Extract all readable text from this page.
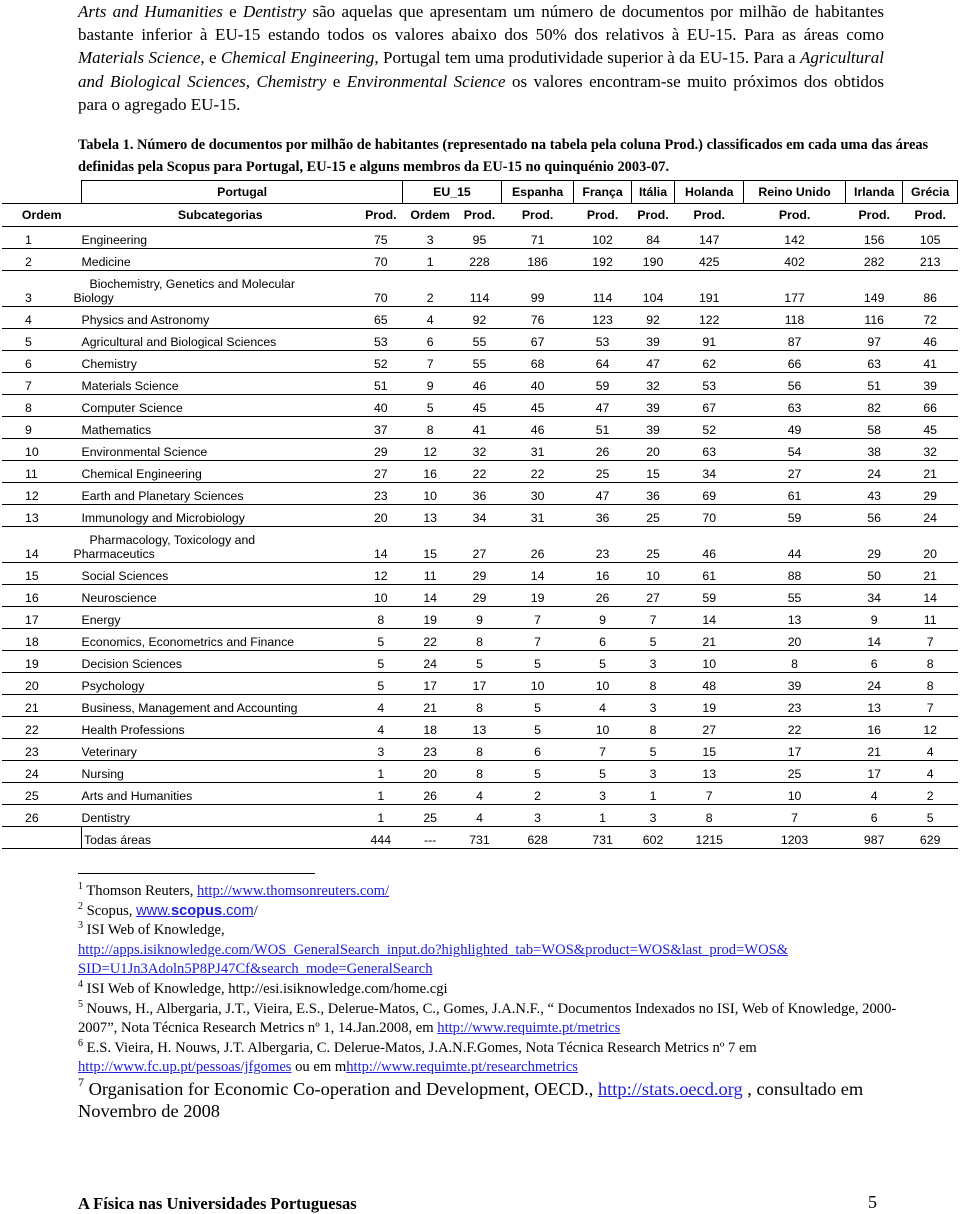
Arts and Humanities e Dentistry são aquelas que apresentam um número de documentos por milhão de habitantes bastante inferior à EU-15 estando todos os valores abaixo dos 50% dos relativos à EU-15. Para as áreas como Materials Science, e Chemical Engineering, Portugal tem uma produtividade superior à da EU-15. Para a Agricultural and Biological Sciences, Chemistry e Environmental Science os valores encontram-se muito próximos dos obtidos para o agregado EU-15.
Tabela 1. Número de documentos por milhão de habitantes (representado na tabela pela coluna Prod.) classificados em cada uma das áreas definidas pela Scopus para Portugal, EU-15 e alguns membros da EU-15 no quinquénio 2003-07.
	Portugal		EU_15		Espanha	França	Itália	Holanda	Reino Unido	Irlanda	Grécia
Ordem	Subcategorias	Prod.	Ordem	Prod.	Prod.	Prod.	Prod.	Prod.	Prod.	Prod.	Prod.
1	Engineering	75	3	95	71	102	84	147	142	156	105
2	Medicine	70	1	228	186	192	190	425	402	282	213
3	Biochemistry, Genetics and Molecular
Biology	70	2	114	99	114	104	191	177	149	86
4	Physics and Astronomy	65	4	92	76	123	92	122	118	116	72
5	Agricultural and Biological Sciences	53	6	55	67	53	39	91	87	97	46
6	Chemistry	52	7	55	68	64	47	62	66	63	41
7	Materials Science	51	9	46	40	59	32	53	56	51	39
8	Computer Science	40	5	45	45	47	39	67	63	82	66
9	Mathematics	37	8	41	46	51	39	52	49	58	45
10	Environmental Science	29	12	32	31	26	20	63	54	38	32
11	Chemical Engineering	27	16	22	22	25	15	34	27	24	21
12	Earth and Planetary Sciences	23	10	36	30	47	36	69	61	43	29
13	Immunology and Microbiology	20	13	34	31	36	25	70	59	56	24
14	Pharmacology, Toxicology and
Pharmaceutics	14	15	27	26	23	25	46	44	29	20
15	Social Sciences	12	11	29	14	16	10	61	88	50	21
16	Neuroscience	10	14	29	19	26	27	59	55	34	14
17	Energy	8	19	9	7	9	7	14	13	9	11
18	Economics, Econometrics and Finance	5	22	8	7	6	5	21	20	14	7
19	Decision Sciences	5	24	5	5	5	3	10	8	6	8
20	Psychology	5	17	17	10	10	8	48	39	24	8
21	Business, Management and Accounting	4	21	8	5	4	3	19	23	13	7
22	Health Professions	4	18	13	5	10	8	27	22	16	12
23	Veterinary	3	23	8	6	7	5	15	17	21	4
24	Nursing	1	20	8	5	5	3	13	25	17	4
25	Arts and Humanities	1	26	4	2	3	1	7	10	4	2
26	Dentistry	1	25	4	3	1	3	8	7	6	5
	Todas áreas	444	---	731	628	731	602	1215	1203	987	629
$^1$ Thomson Reuters, http://www.thomsonreuters.com/
$^2$ Scopus, www.scopus.com/
$^3$ ISI Web of Knowledge,
http://apps.isiknowledge.com/WOS_GeneralSearch_input.do?highlighted_tab=WOS&product=WOS&last_prod=WOS&
SID=U1Jn3Adoln5P8PJ47Cf&search_mode=GeneralSearch
$^4$ ISI Web of Knowledge, http://esi.isiknowledge.com/home.cgi
$^5$ Nouws, H., Albergaria, J.T., Vieira, E.S., Delerue-Matos, C., Gomes, J.A.N.F., “ Documentos Indexados no ISI, Web of Knowledge, 2000-2007”, Nota Técnica Research Metrics nº 1, 14.Jan.2008, em http://www.requimte.pt/metrics
$^6$ E.S. Vieira, H. Nouws, J.T. Albergaria, C. Delerue-Matos, J.A.N.F.Gomes, Nota Técnica Research Metrics nº 7 em http://www.fc.up.pt/pessoas/jfgomes ou em mhttp://www.requimte.pt/researchmetrics
$^7$ Organisation for Economic Co-operation and Development, OECD., http://stats.oecd.org , consultado em Novembro de 2008
A Física nas Universidades Portuguesas	5
